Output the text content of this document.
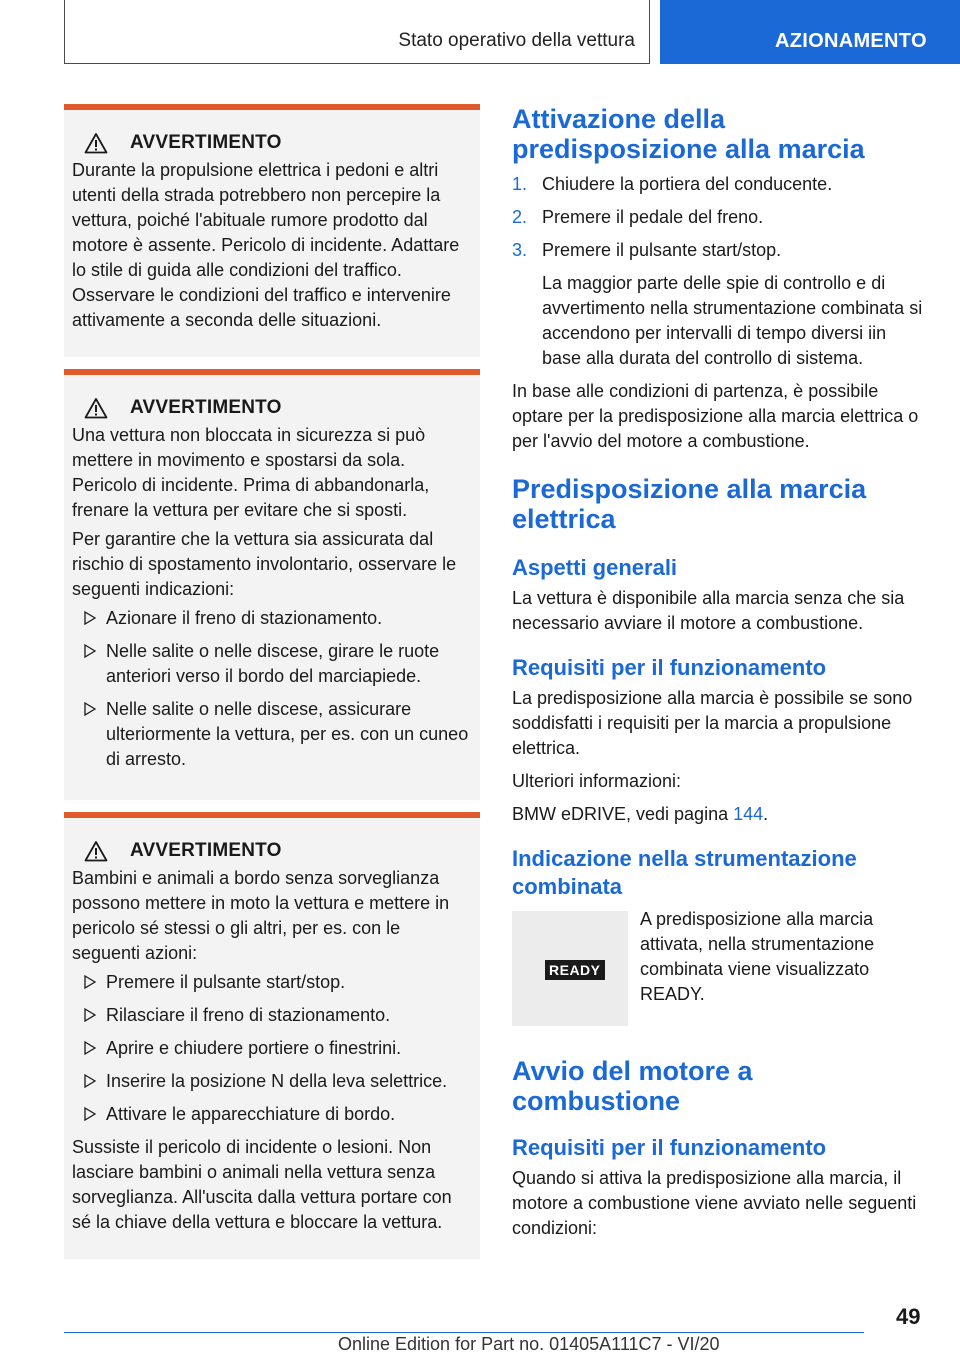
Stato operativo della vettura	AZIONAMENTO
AVVERTIMENTO

Durante la propulsione elettrica i pedoni e altri utenti della strada potrebbero non percepire la vettura, poiché l'abituale rumore prodotto dal motore è assente. Pericolo di incidente. Adattare lo stile di guida alle condizioni del traffico. Osservare le condizioni del traffico e intervenire attivamente a seconda delle situazioni.

AVVERTIMENTO

Una vettura non bloccata in sicurezza si può mettere in movimento e spostarsi da sola. Pericolo di incidente. Prima di abbandonarla, frenare la vettura per evitare che si sposti.

Per garantire che la vettura sia assicurata dal rischio di spostamento involontario, osservare le seguenti indicazioni:

Azionare il freno di stazionamento.
Nelle salite o nelle discese, girare le ruote anteriori verso il bordo del marciapiede.
Nelle salite o nelle discese, assicurare ulteriormente la vettura, per es. con un cuneo di arresto.
AVVERTIMENTO

Bambini e animali a bordo senza sorveglianza possono mettere in moto la vettura e mettere in pericolo sé stessi o gli altri, per es. con le seguenti azioni:

Premere il pulsante start/stop.
Rilasciare il freno di stazionamento.
Aprire e chiudere portiere o finestrini.
Inserire la posizione N della leva selettrice.
Attivare le apparecchiature di bordo.

Sussiste il pericolo di incidente o lesioni. Non lasciare bambini o animali nella vettura senza sorveglianza. All'uscita dalla vettura portare con sé la chiave della vettura e bloccare la vettura.

Attivazione della predisposizione alla marcia
1. Chiudere la portiera del conducente.
2. Premere il pedale del freno.
3. Premere il pulsante start/stop.
La maggior parte delle spie di controllo e di avvertimento nella strumentazione combinata si accendono per intervalli di tempo diversi iin base alla durata del controllo di sistema.

In base alle condizioni di partenza, è possibile optare per la predisposizione alla marcia elettrica o per l'avvio del motore a combustione.

Predisposizione alla marcia elettrica
Aspetti generali

La vettura è disponibile alla marcia senza che sia necessario avviare il motore a combustione.

Requisiti per il funzionamento

La predisposizione alla marcia è possibile se sono soddisfatti i requisiti per la marcia a propulsione elettrica.

Ulteriori informazioni:

BMW eDRIVE, vedi pagina 144.

Indicazione nella strumentazione combinata
READY

A predisposizione alla marcia attivata, nella strumentazione combinata viene visualizzato READY.

Avvio del motore a combustione
Requisiti per il funzionamento

Quando si attiva la predisposizione alla marcia, il motore a combustione viene avviato nelle seguenti condizioni:

49
Online Edition for Part no. 01405A111C7 - VI/20
